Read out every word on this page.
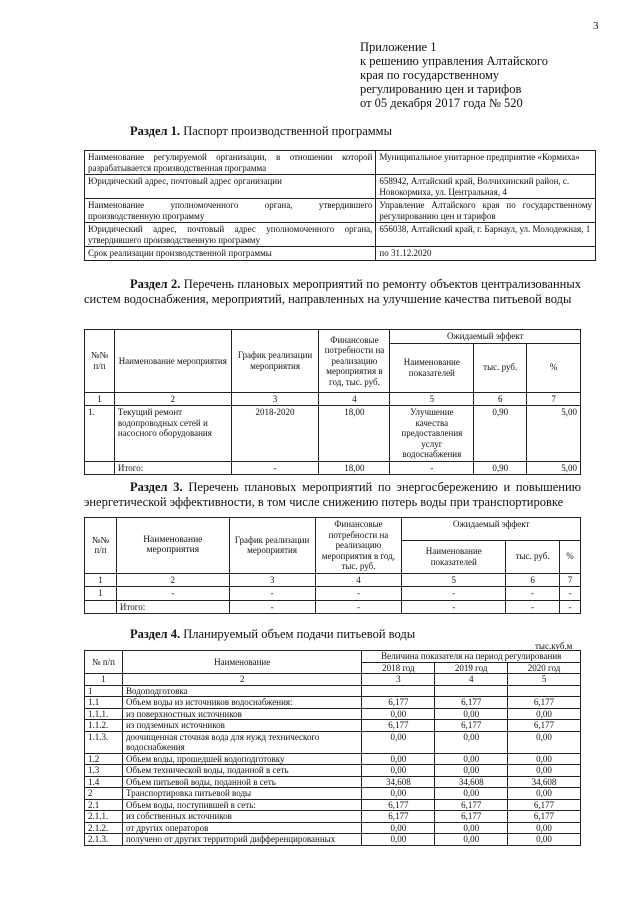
3
Приложение 1
к решению управления Алтайского
края по государственному
регулированию цен и тарифов
от 05 декабря 2017 года № 520
Раздел 1. Паспорт производственной программы
Наименование регулируемой организации, в отношении которой разрабатывается производственная программа	Муниципальное унитарное предприятие «Кормиха»
Юридический адрес, почтовый адрес организации	658942, Алтайский край, Волчихинский район, с. Новокормиха, ул. Центральная, 4
Наименование уполномоченного органа, утвердившего производственную программу	Управление Алтайского края по государственному регулированию цен и тарифов
Юридический адрес, почтовый адрес уполномоченного органа, утвердившего производственную программу	656038, Алтайский край, г. Барнаул, ул. Молодежная, 1
Срок реализации производственной программы	по 31.12.2020
Раздел 2. Перечень плановых мероприятий по ремонту объектов централизованных систем водоснабжения, мероприятий, направленных на улучшение качества питьевой воды
№№ п/п	Наименование мероприятия	График реализации мероприятия	Финансовые потребности на реализацию мероприятия в год, тыс. руб.	Ожидаемый эффект		
				Наименование показателей	тыс. руб.	%
1	2	3	4	5	6	7
1.	Текущий ремонт водопроводных сетей и насосного оборудования	2018-2020	18,00	Улучшение качества предоставления услуг водоснабжения	0,90	5,00
	Итого:	-	18,00	-	0,90	5,00
Раздел 3. Перечень плановых мероприятий по энергосбережению и повышению энергетической эффективности, в том числе снижению потерь воды при транспортировке
№№ п/п	Наименование мероприятия	График реализации мероприятия	Финансовые потребности на реализацию мероприятия в год, тыс. руб.	Ожидаемый эффект		
				Наименование показателей	тыс. руб.	%
1	2	3	4	5	6	7
1	-	-	-	-	-	-
	Итого:	-	-	-	-	-
Раздел 4. Планируемый объем подачи питьевой воды
тыс.куб.м
№ п/п	Наименование	Величина показателя на период регулирования		
		2018 год	2019 год	2020 год
1	2	3	4	5
1	Водоподготовка			
1.1	Объем воды из источников водоснабжения:	6,177	6,177	6,177
1.1.1.	из поверхностных источников	0,00	0,00	0,00
1.1.2.	из подземных источников	6,177	6,177	6,177
1.1.3.	доочищенная сточная вода для нужд технического водоснабжения	0,00	0,00	0,00
1.2	Объем воды, прошедшей водоподготовку	0,00	0,00	0,00
1.3	Объем технической воды, поданной в сеть	0,00	0,00	0,00
1.4	Объем питьевой воды, поданной в сеть	34,608	34,608	34,608
2	Транспортировка питьевой воды	0,00	0,00	0,00
2.1	Объем воды, поступившей в сеть:	6,177	6,177	6,177
2.1.1.	из собственных источников	6,177	6,177	6,177
2.1.2.	от других операторов	0,00	0,00	0,00
2.1.3.	получено от других территорий дифференцированных	0,00	0,00	0,00
